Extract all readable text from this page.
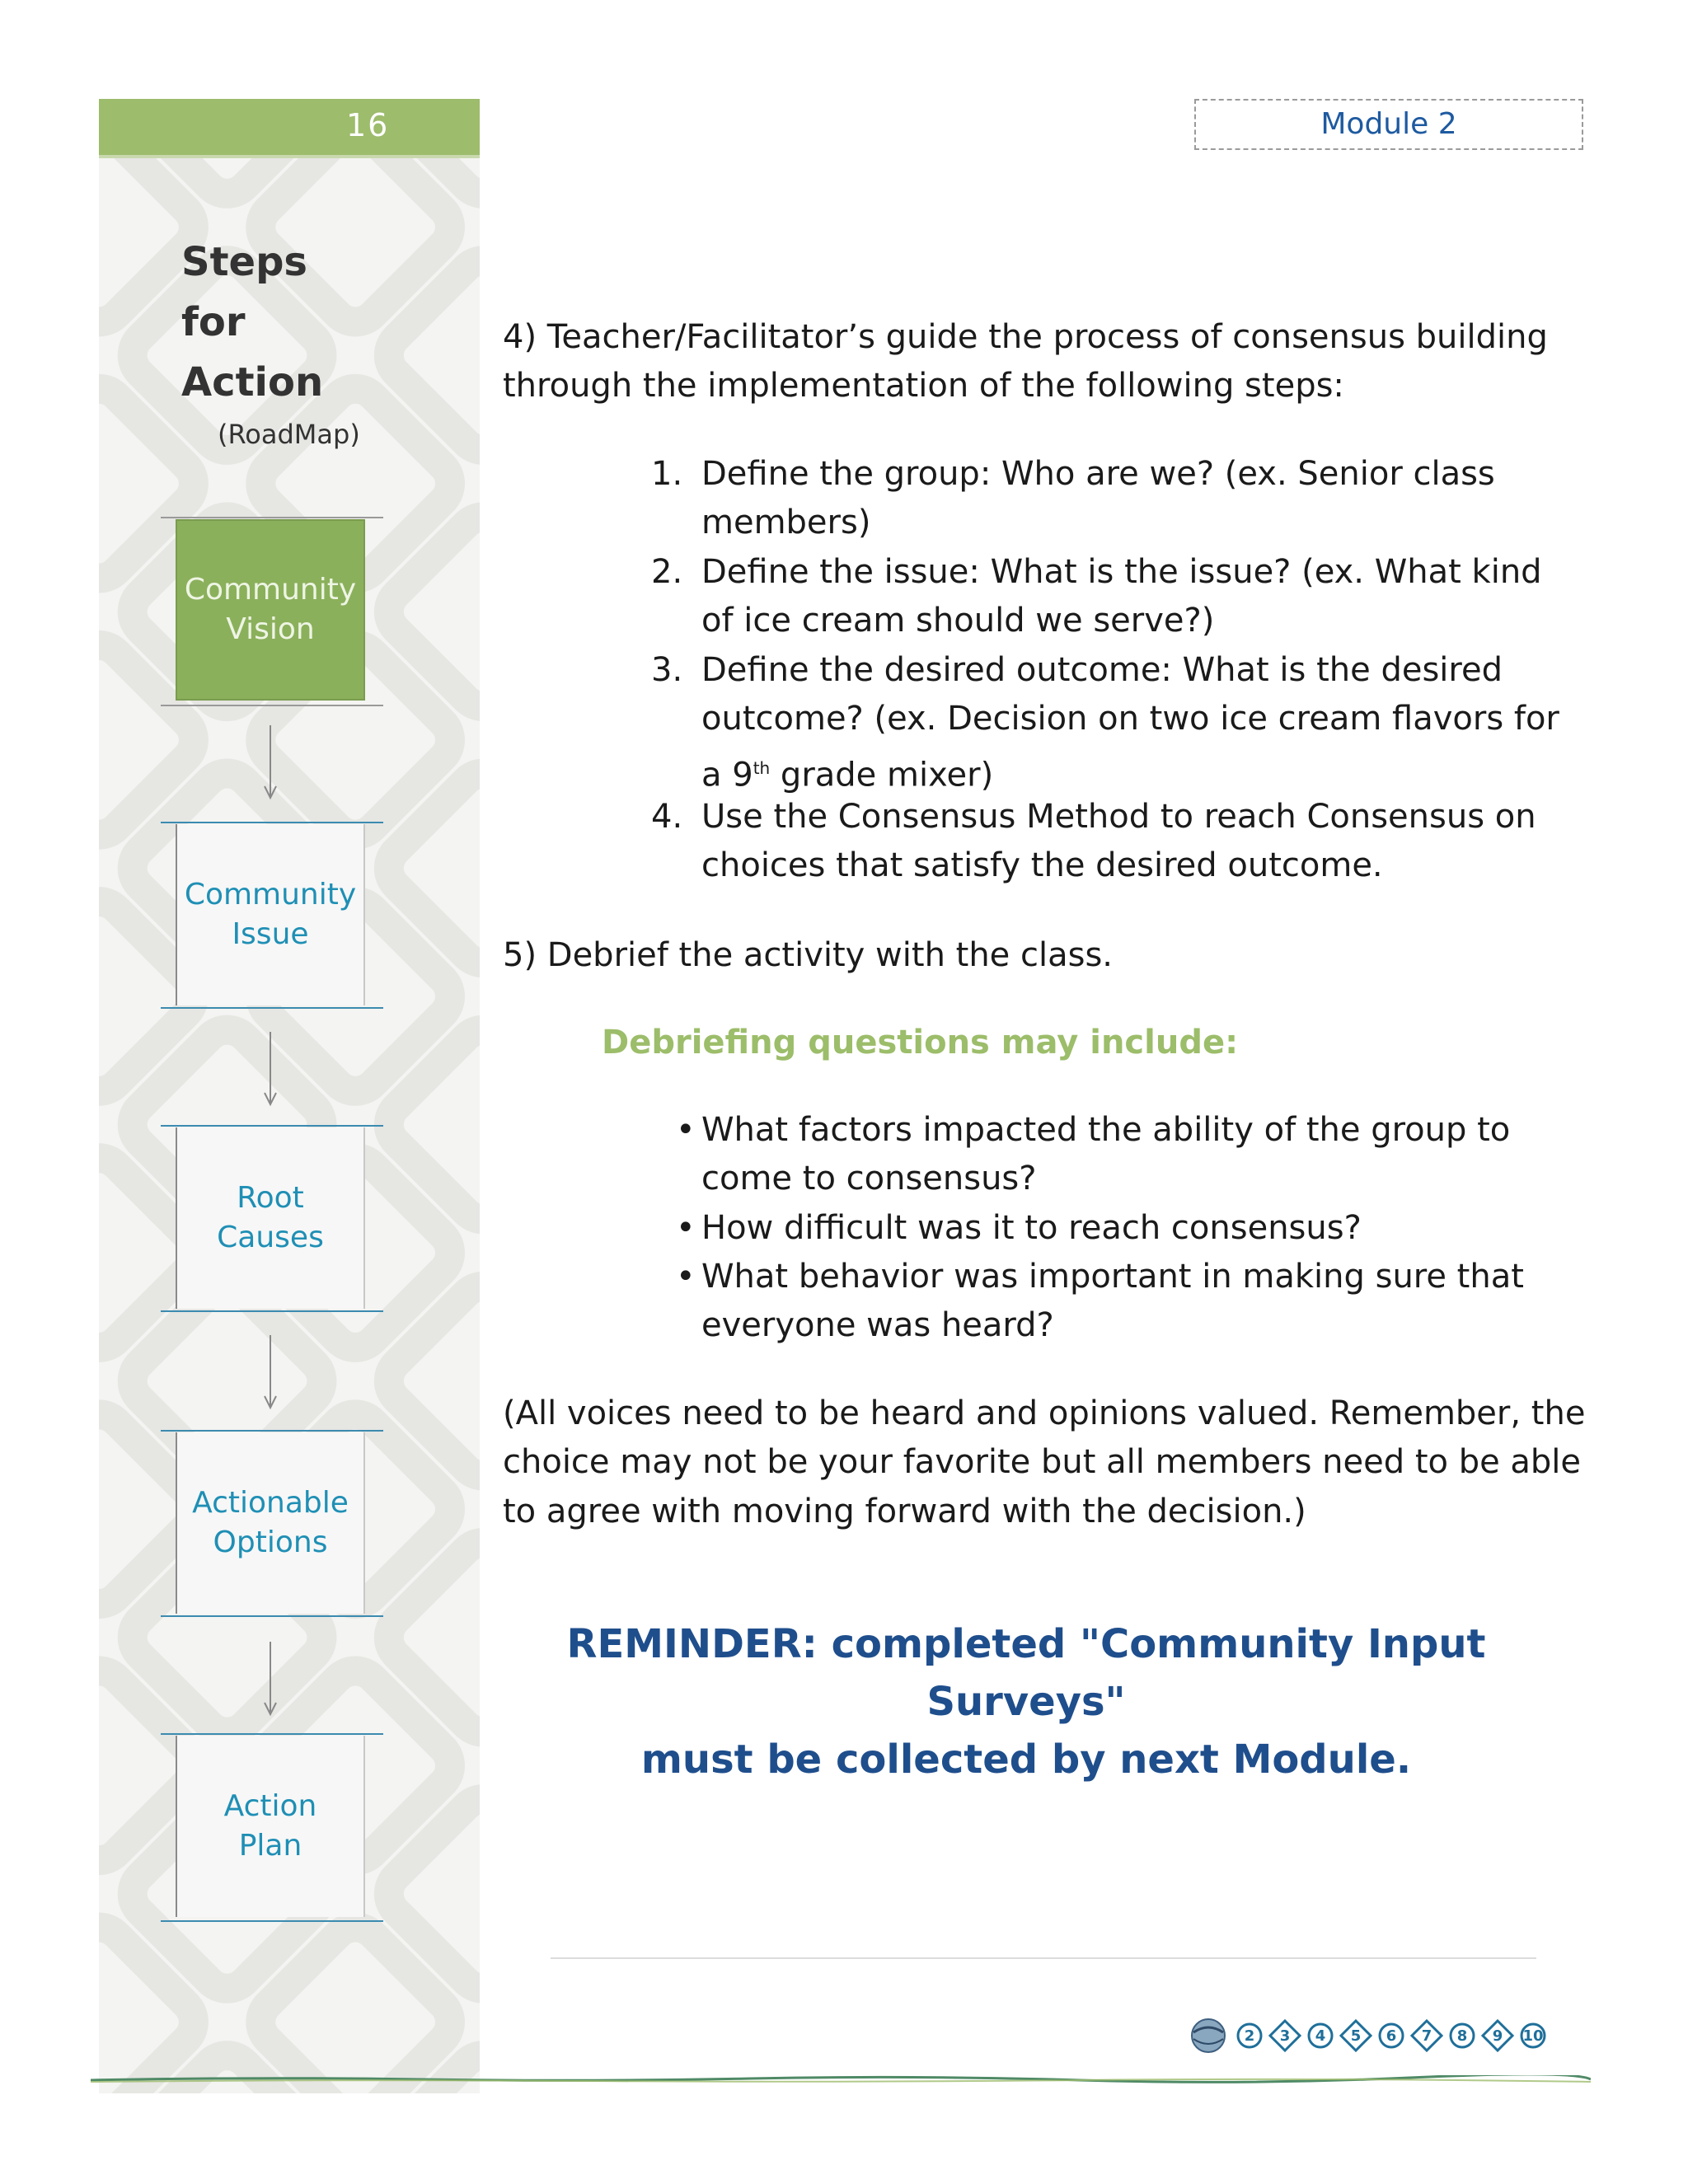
16
Steps
for
Action
(RoadMap)
Community
Vision
Community
Issue
Root
Causes
Actionable
Options
Action
Plan
Module 2
4) Teacher/Facilitator’s guide the process of consensus building
through the implementation of the following steps:
1. Define the group: Who are we? (ex. Senior class
members)
2. Define the issue: What is the issue? (ex. What kind
of ice cream should we serve?)
3. Define the desired outcome: What is the desired
outcome? (ex. Decision on two ice cream flavors for
a 9th grade mixer)
4. Use the Consensus Method to reach Consensus on
choices that satisfy the desired outcome.
5) Debrief the activity with the class.
Debriefing questions may include:
• What factors impacted the ability of the group to
come to consensus?
• How difficult was it to reach consensus?
• What behavior was important in making sure that
everyone was heard?
(All voices need to be heard and opinions valued. Remember, the
choice may not be your favorite but all members need to be able
to agree with moving forward with the decision.)
REMINDER: completed "Community Input Surveys"
must be collected by next Module.
2	3	4	5	6	7	8	9	10
